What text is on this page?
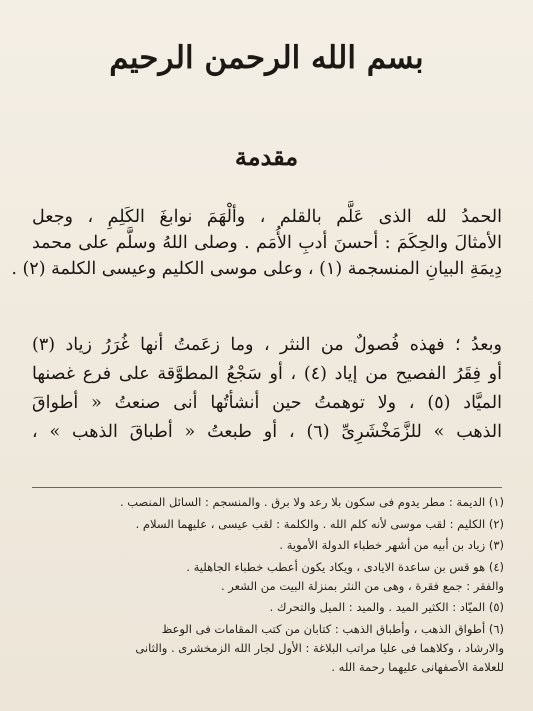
بسم الله الرحمن الرحيم
مقدمة
الحمدُ لله الذى عَلَّم بالقلم ، وألْهَمَ نوابغَ الكَلِمِ ، وجعل
الأمثالَ والحِكَمَ : أحسنَ أدبِ الأُمَم . وصلى اللهُ وسلَّم على محمد
دِيمَةِ البيانِ المنسجمة (١) ، وعلى موسى الكليم وعيسى الكلمة (٢) .
وبعدُ ؛ فهذه فُصولٌ من النثر ، وما زعَمتُ أنها غُرَرُ زياد (٣)
أو فِقَرُ الفصيح من إياد (٤) ، أو سَجْعُ المطوَّقة على فرع غصنها
الميَّاد (٥) ، ولا توهمتُ حين أنشأتُها أنى صنعتُ « أطواقَ
الذهب » للزَّمَخْشَرِىِّ (٦) ، أو طبعتُ « أطباقَ الذهب » ،
(١) الديمة : مطر يدوم فى سكون بلا رعد ولا برق . والمنسجم : السائل المنصب .
(٢) الكليم : لقب موسى لأنه كلم الله . والكلمة : لقب عيسى ، عليهما السلام .
(٣) زياد بن أبيه من أشهر خطباء الدولة الأموية .
(٤) هو قس بن ساعدة الايادى ، ويكاد يكون أعطب خطباء الجاهلية .
والفقر : جمع فقرة ، وهى من النثر بمنزلة البيت من الشعر .
(٥) الميّاد : الكثير الميد . والميد : الميل والتحرك .
(٦) أطواق الذهب ، وأطباق الذهب : كتابان من كتب المقامات فى الوعظ
والارشاد ، وكلاهما فى عليا مراتب البلاغة : الأول لجار الله الزمخشرى . والثانى
للعلامة الأصفهانى عليهما رحمة الله .
